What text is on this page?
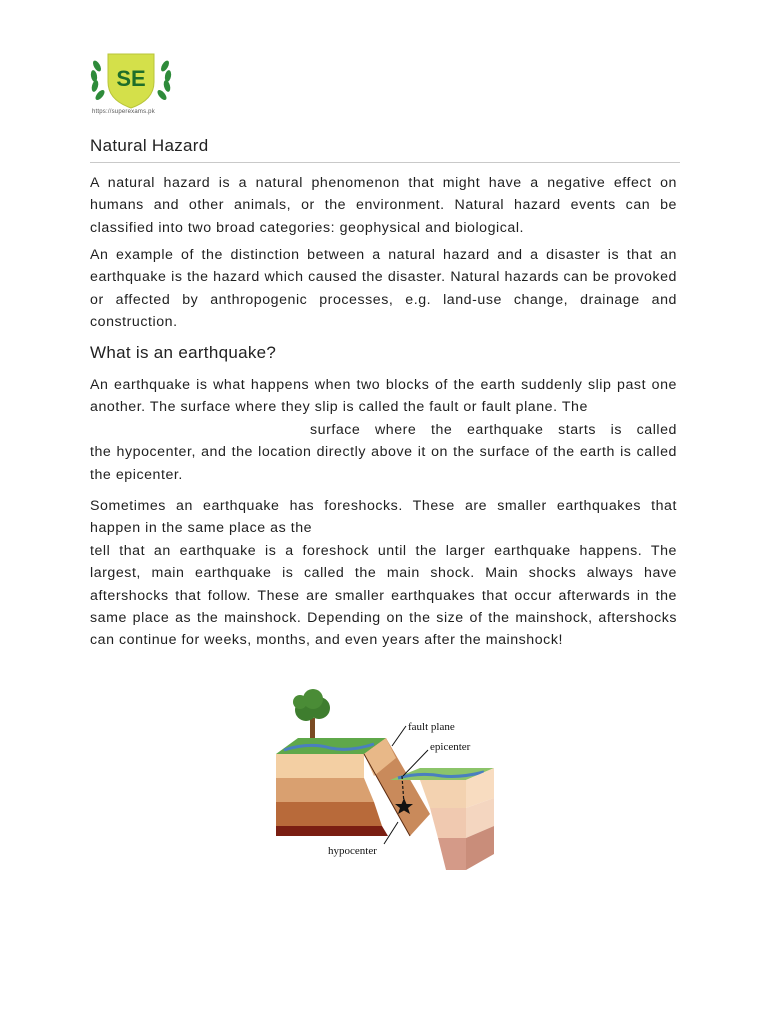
SE
https://superexams.pk
Natural Hazard

A natural hazard is a natural phenomenon that might have a negative effect on humans and other animals, or the environment. Natural hazard events can be classified into two broad categories: geophysical and biological.

An example of the distinction between a natural hazard and a disaster is that an earthquake is the hazard which caused the disaster. Natural hazards can be provoked or affected by anthropogenic processes, e.g. land-use change, drainage and construction.

What is an earthquake?

An earthquake is what happens when two blocks of the earth suddenly slip past one another. The surface where they slip is called the fault or fault plane. The
surface where the earthquake starts is called
the hypocenter, and the location directly above it on the surface of the earth is called the epicenter.

Sometimes an earthquake has foreshocks. These are smaller earthquakes that happen in the same place as the
tell that an earthquake is a foreshock until the larger earthquake happens. The largest, main earthquake is called the main shock. Main shocks always have aftershocks that follow. These are smaller earthquakes that occur afterwards in the same place as the mainshock. Depending on the size of the mainshock, aftershocks can continue for weeks, months, and even years after the mainshock!

fault plane
epicenter
hypocenter
